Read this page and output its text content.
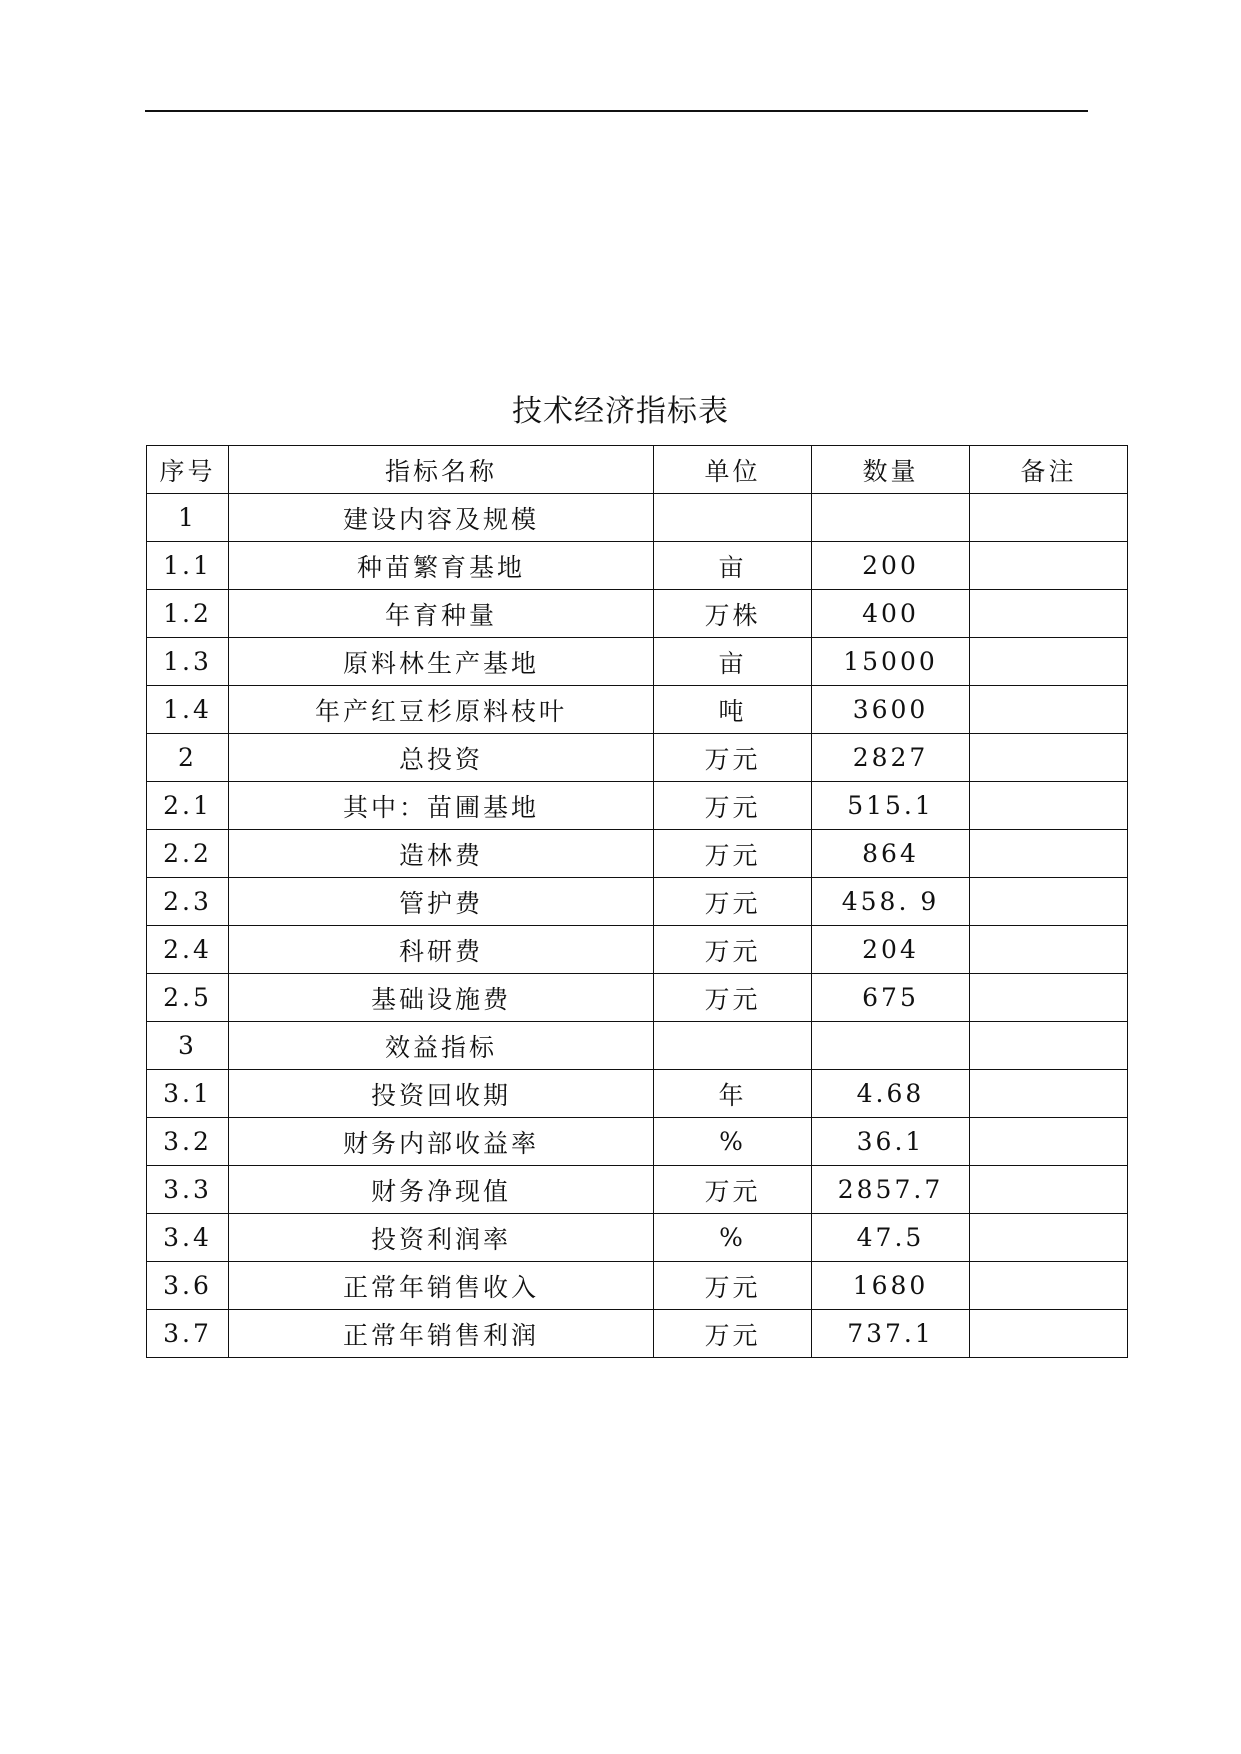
技术经济指标表
序号	指标名称	单位	数量	备注
1	建设内容及规模			
1.1	种苗繁育基地	亩	200	
1.2	年育种量	万株	400	
1.3	原料林生产基地	亩	15000	
1.4	年产红豆杉原料枝叶	吨	3600	
2	总投资	万元	2827	
2.1	其中：苗圃基地	万元	515.1	
2.2	造林费	万元	864	
2.3	管护费	万元	458. 9	
2.4	科研费	万元	204	
2.5	基础设施费	万元	675	
3	效益指标			
3.1	投资回收期	年	4.68	
3.2	财务内部收益率	%	36.1	
3.3	财务净现值	万元	2857.7	
3.4	投资利润率	%	47.5	
3.6	正常年销售收入	万元	1680	
3.7	正常年销售利润	万元	737.1	
